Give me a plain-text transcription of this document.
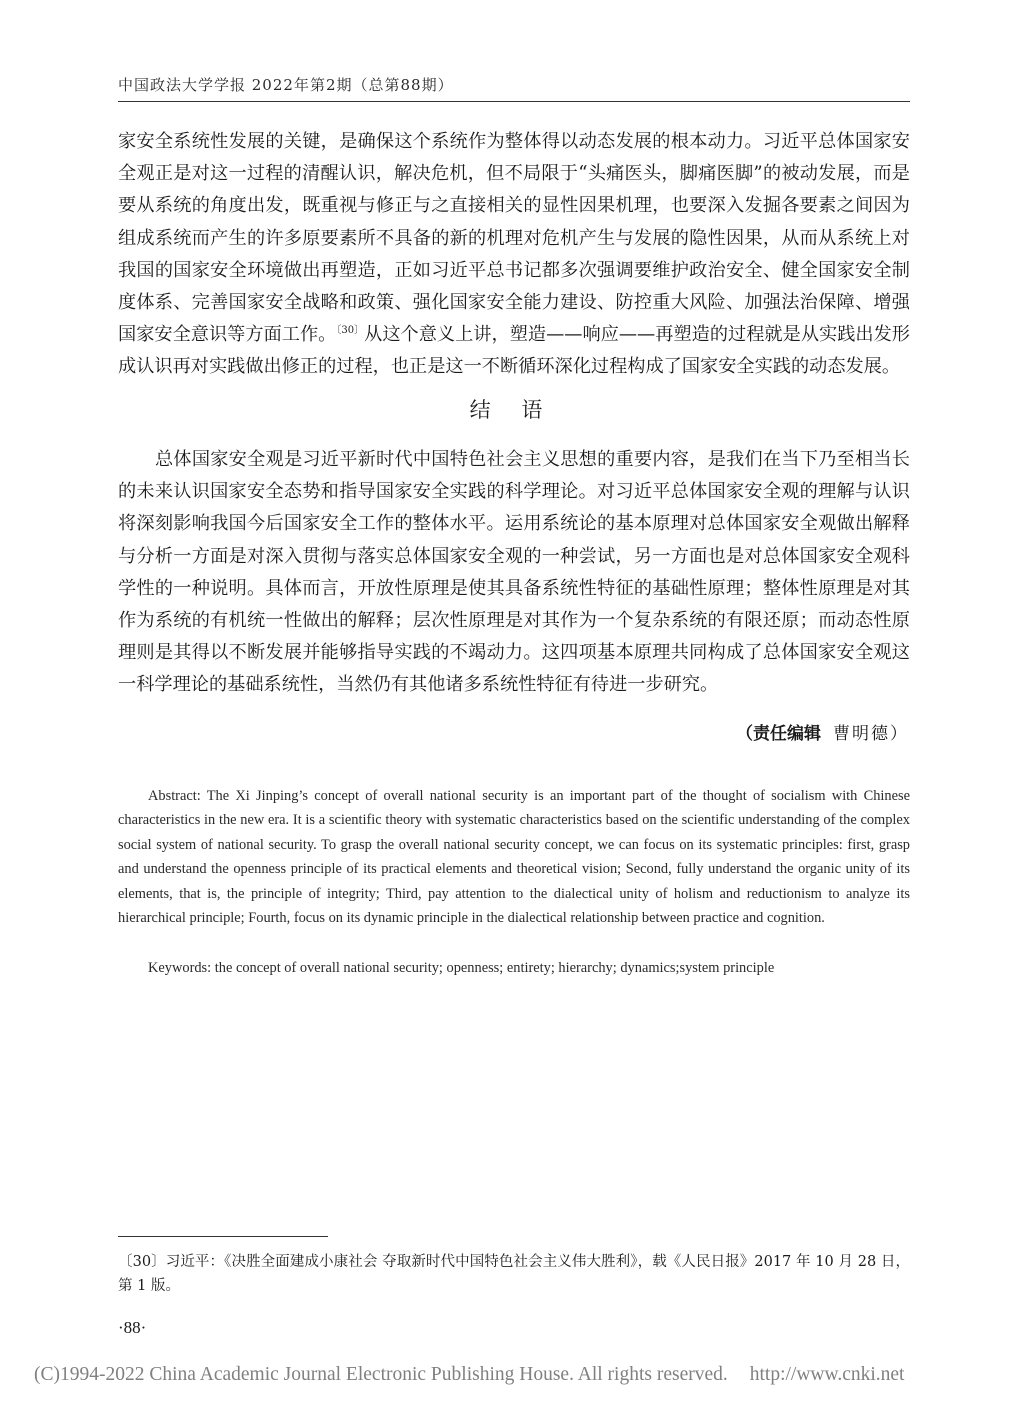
中国政法大学学报 2022年第2期（总第88期）

家安全系统性发展的关键，是确保这个系统作为整体得以动态发展的根本动力。习近平总体国家安全观正是对这一过程的清醒认识，解决危机，但不局限于“头痛医头，脚痛医脚”的被动发展，而是要从系统的角度出发，既重视与修正与之直接相关的显性因果机理，也要深入发掘各要素之间因为组成系统而产生的许多原要素所不具备的新的机理对危机产生与发展的隐性因果，从而从系统上对我国的国家安全环境做出再塑造，正如习近平总书记都多次强调要维护政治安全、健全国家安全制度体系、完善国家安全战略和政策、强化国家安全能力建设、防控重大风险、加强法治保障、增强国家安全意识等方面工作。$^{〔30〕}$从这个意义上讲，塑造——响应——再塑造的过程就是从实践出发形成认识再对实践做出修正的过程，也正是这一不断循环深化过程构成了国家安全实践的动态发展。

结 语

总体国家安全观是习近平新时代中国特色社会主义思想的重要内容，是我们在当下乃至相当长的未来认识国家安全态势和指导国家安全实践的科学理论。对习近平总体国家安全观的理解与认识将深刻影响我国今后国家安全工作的整体水平。运用系统论的基本原理对总体国家安全观做出解释与分析一方面是对深入贯彻与落实总体国家安全观的一种尝试，另一方面也是对总体国家安全观科学性的一种说明。具体而言，开放性原理是使其具备系统性特征的基础性原理；整体性原理是对其作为系统的有机统一性做出的解释；层次性原理是对其作为一个复杂系统的有限还原；而动态性原理则是其得以不断发展并能够指导实践的不竭动力。这四项基本原理共同构成了总体国家安全观这一科学理论的基础系统性，当然仍有其他诸多系统性特征有待进一步研究。

（责任编辑 曹明德）

Abstract: The Xi Jinping’s concept of overall national security is an important part of the thought of socialism with Chinese characteristics in the new era. It is a scientific theory with systematic characteristics based on the scientific understanding of the complex social system of national security. To grasp the overall national security concept, we can focus on its systematic principles: first, grasp and understand the openness principle of its practical elements and theoretical vision; Second, fully understand the organic unity of its elements, that is, the principle of integrity; Third, pay attention to the dialectical unity of holism and reductionism to analyze its hierarchical principle; Fourth, focus on its dynamic principle in the dialectical relationship between practice and cognition.

Keywords: the concept of overall national security; openness; entirety; hierarchy; dynamics;system principle

〔30〕习近平：《决胜全面建成小康社会 夺取新时代中国特色社会主义伟大胜利》，载《人民日报》2017 年 10 月 28 日，第 1 版。

·88·
(C)1994-2022 China Academic Journal Electronic Publishing House. All rights reserved. http://www.cnki.net
